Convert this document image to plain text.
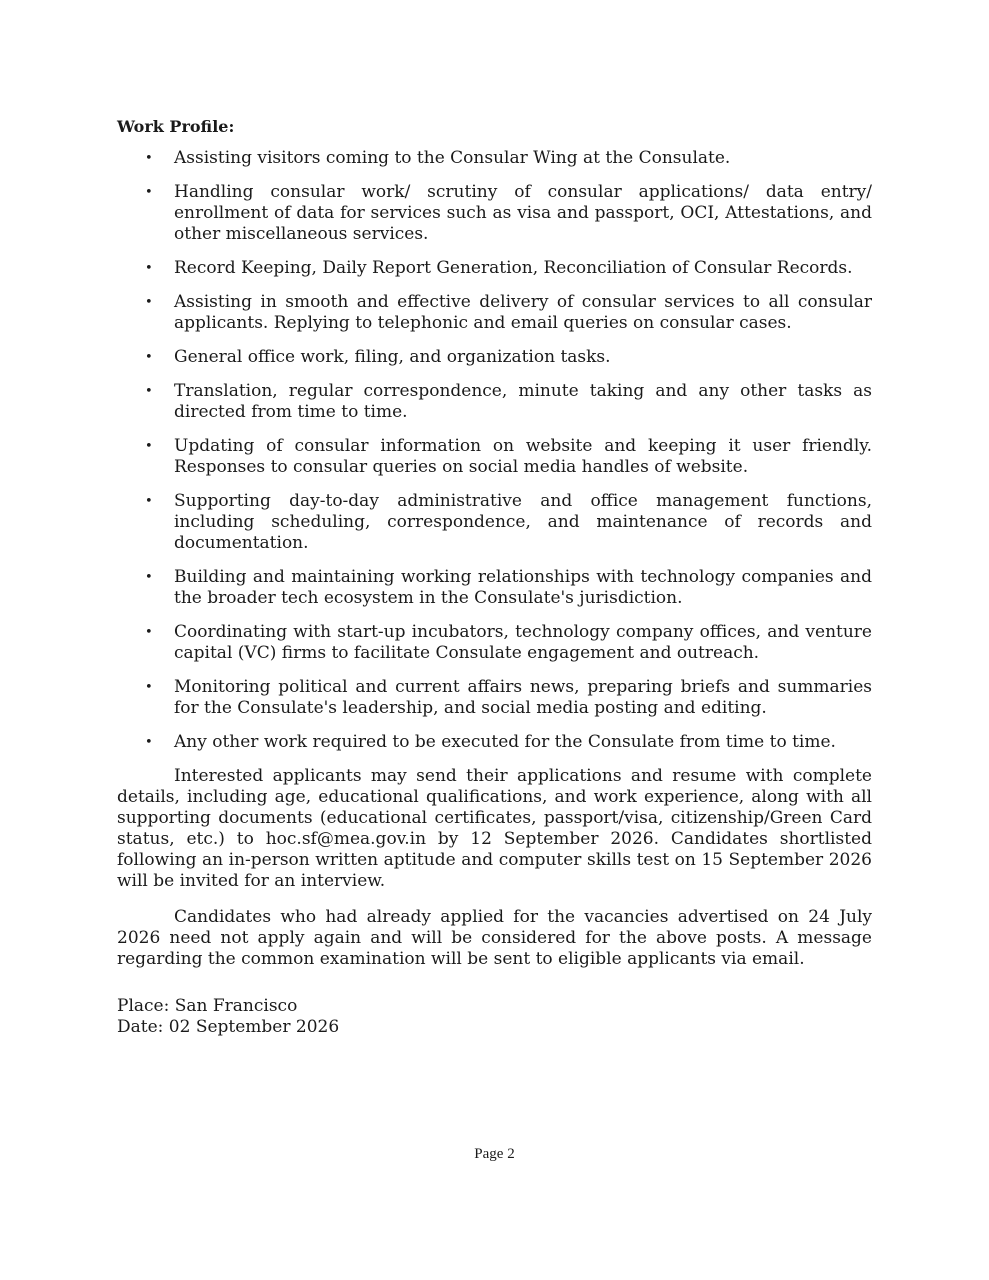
Work Profile:
• Assisting visitors coming to the Consular Wing at the Consulate.
• Handling consular work/ scrutiny of consular applications/ data entry/ enrollment of data for services such as visa and passport, OCI, Attestations, and other miscellaneous services.
• Record Keeping, Daily Report Generation, Reconciliation of Consular Records.
• Assisting in smooth and effective delivery of consular services to all consular applicants. Replying to telephonic and email queries on consular cases.
• General office work, filing, and organization tasks.
• Translation, regular correspondence, minute taking and any other tasks as directed from time to time.
• Updating of consular information on website and keeping it user friendly. Responses to consular queries on social media handles of website.
• Supporting day-to-day administrative and office management functions, including scheduling, correspondence, and maintenance of records and documentation.
• Building and maintaining working relationships with technology companies and the broader tech ecosystem in the Consulate's jurisdiction.
• Coordinating with start-up incubators, technology company offices, and venture capital (VC) firms to facilitate Consulate engagement and outreach.
• Monitoring political and current affairs news, preparing briefs and summaries for the Consulate's leadership, and social media posting and editing.
• Any other work required to be executed for the Consulate from time to time.

Interested applicants may send their applications and resume with complete details, including age, educational qualifications, and work experience, along with all supporting documents (educational certificates, passport/visa, citizenship/Green Card status, etc.) to hoc.sf@mea.gov.in by 12 September 2026. Candidates shortlisted following an in-person written aptitude and computer skills test on 15 September 2026 will be invited for an interview.

Candidates who had already applied for the vacancies advertised on 24 July 2026 need not apply again and will be considered for the above posts. A message regarding the common examination will be sent to eligible applicants via email.

Place: San Francisco
Date: 02 September 2026
Page 2
